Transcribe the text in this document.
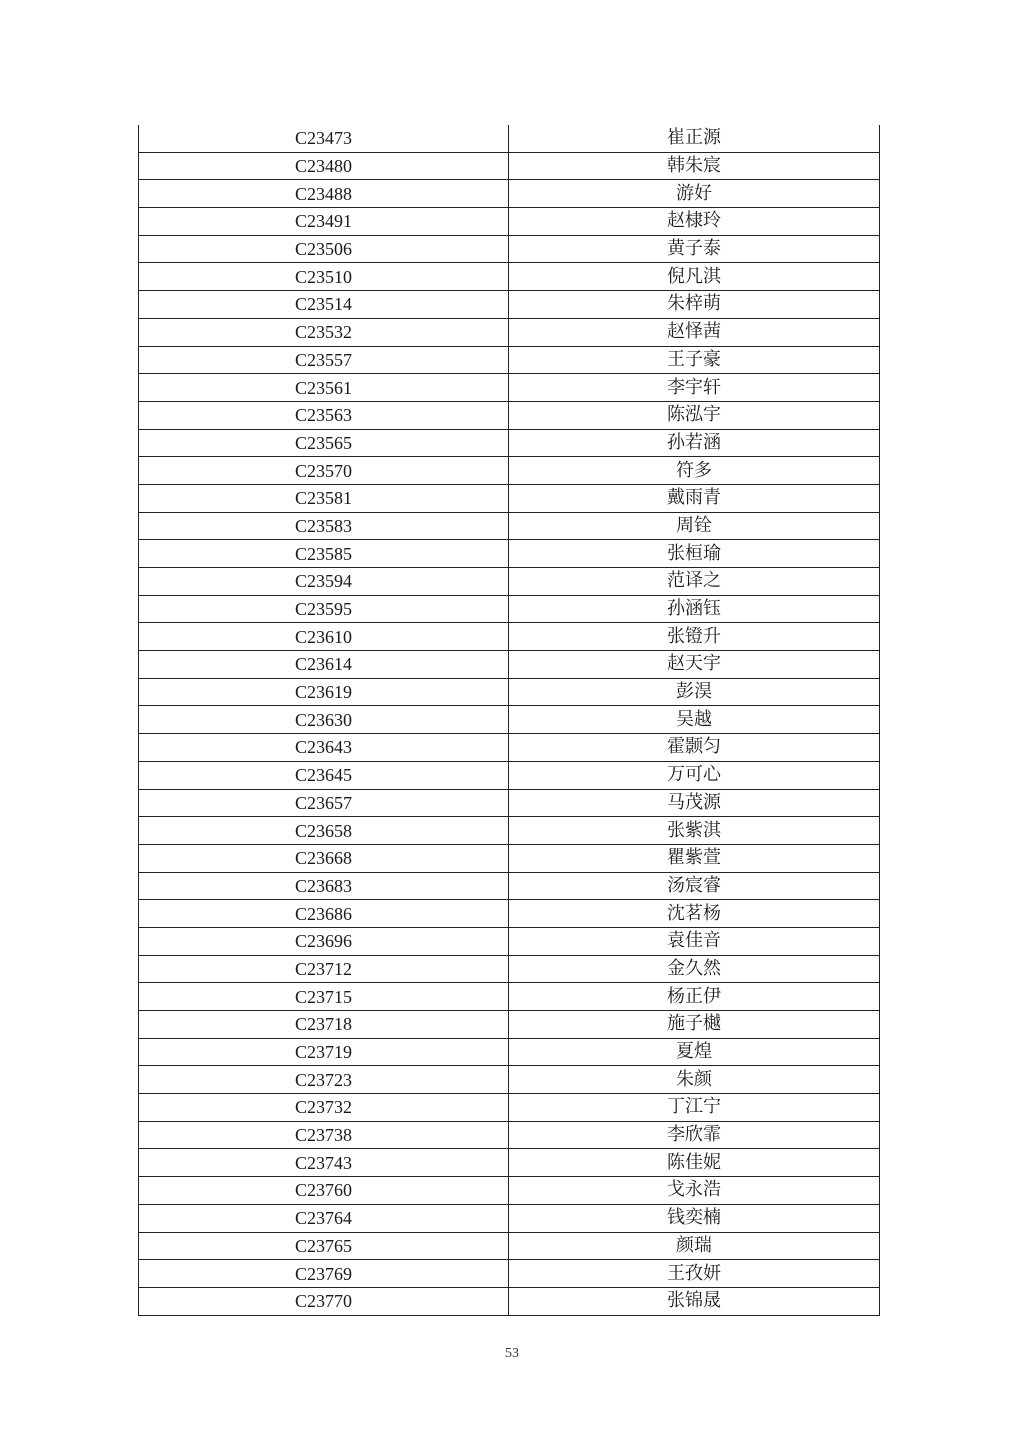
C23473	崔正源
C23480	韩朱宸
C23488	游好
C23491	赵棣玲
C23506	黄子泰
C23510	倪凡淇
C23514	朱梓萌
C23532	赵怿茜
C23557	王子豪
C23561	李宇轩
C23563	陈泓宇
C23565	孙若涵
C23570	符多
C23581	戴雨青
C23583	周铨
C23585	张桓瑜
C23594	范译之
C23595	孙涵钰
C23610	张镫升
C23614	赵天宇
C23619	彭淏
C23630	吴越
C23643	霍颢匀
C23645	万可心
C23657	马茂源
C23658	张紫淇
C23668	瞿紫萱
C23683	汤宸睿
C23686	沈茗杨
C23696	袁佳音
C23712	金久然
C23715	杨正伊
C23718	施子樾
C23719	夏煌
C23723	朱颜
C23732	丁江宁
C23738	李欣霏
C23743	陈佳妮
C23760	戈永浩
C23764	钱奕楠
C23765	颜瑞
C23769	王孜妍
C23770	张锦晟
53
